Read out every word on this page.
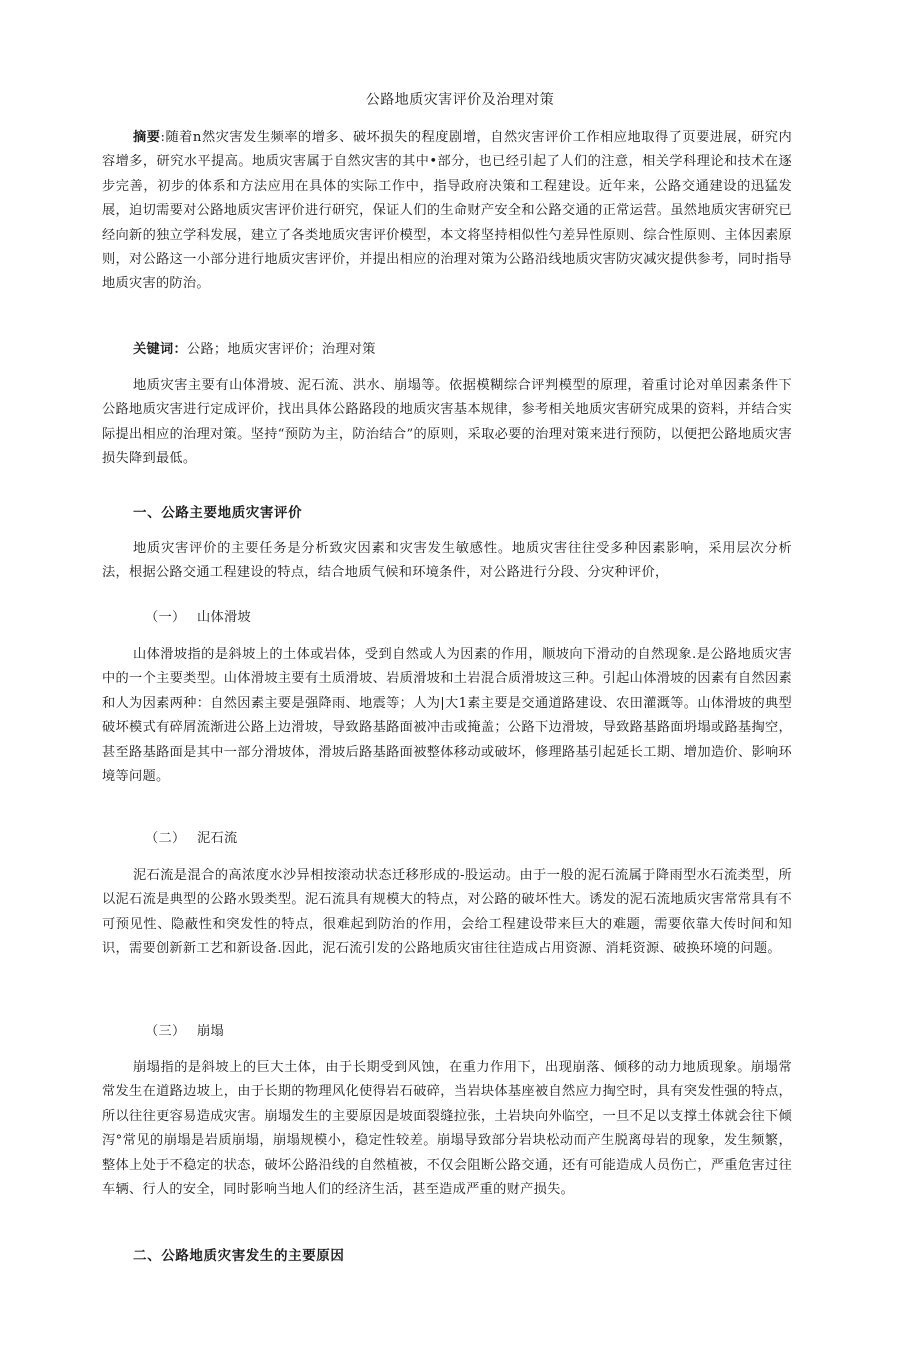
公路地质灾害评价及治理对策

摘要:随着n然灾害发生频率的增多、破坏损失的程度剧增，自然灾害评价工作相应地取得了页要进展，研究内容增多，研究水平提高。地质灾害属于自然灾害的其中•部分，也已经引起了人们的注意，相关学科理论和技术在逐步完善，初步的体系和方法应用在具体的实际工作中，指导政府决策和工程建设。近年来，公路交通建设的迅猛发展，迫切需要对公路地质灾害评价进行研究，保证人们的生命财产安全和公路交通的正常运营。虽然地质灾害研究已经向新的独立学科发展，建立了各类地质灾害评价模型，本文将坚持相似性勺差异性原则、综合性原则、主体因素原则，对公路这一小部分进行地质灾害评价，并提出相应的治理对策为公路沿线地质灾害防灾减灾提供参考，同时指导地质灾害的防治。

关键词：公路；地质灾害评价；治理对策

地质灾害主要有山体滑坡、泥石流、洪水、崩塌等。依据模糊综合评判模型的原理，着重讨论对单因素条件下公路地质灾害进行定成评价，找出具体公路路段的地质灾害基本规律，参考相关地质灾害研究成果的资料，并结合实际提出相应的治理对策。坚持“预防为主，防治结合”的原则，采取必要的治理对策来进行预防，以便把公路地质灾害损失降到最低。

一、公路主要地质灾害评价

地质灾害评价的主要任务是分析致灾因素和灾害发生敏感性。地质灾害往往受多种因素影响，采用层次分析法，根据公路交通工程建设的特点，结合地质气候和环境条件，对公路进行分段、分灾种评价，

（一） 山体滑坡

山体滑坡指的是斜坡上的土体或岩体，受到自然或人为因素的作用，顺坡向下滑动的自然现象.是公路地质灾害中的一个主要类型。山体滑坡主要有土质滑坡、岩质滑坡和土岩混合质滑坡这三种。引起山体滑坡的因素有自然因素和人为因素两种：自然因素主要是强降雨、地震等；人为|大1素主要是交通道路建设、农田灌溉等。山体滑坡的典型破坏模式有碎屑流渐进公路上边滑坡，导致路基路面被冲击或掩盖；公路下边滑坡，导致路基路面坍塌或路基掏空，甚至路基路面是其中一部分滑坡体，滑坡后路基路面被整体移动或破坏，修理路基引起延长工期、增加造价、影响环境等问题。

（二） 泥石流

泥石流是混合的高浓度水沙异相按滚动状态迁移形成的-股运动。由于一般的泥石流属于降雨型水石流类型，所以泥石流是典型的公路水毁类型。泥石流具有规模大的特点，对公路的破坏性大。诱发的泥石流地质灾害常常具有不可预见性、隐蔽性和突发性的特点，很难起到防治的作用，会给工程建设带来巨大的难题，需要依靠大传时间和知识，需要创新新工艺和新设备.因此，泥石流引发的公路地质灾宙往往造成占用资源、消耗资源、破换环境的问题。

（三） 崩塌

崩塌指的是斜坡上的巨大土体，由于长期受到风蚀，在重力作用下，出现崩落、倾移的动力地质现象。崩塌常常发生在道路边坡上，由于长期的物理风化使得岩石破碎，当岩块体基座被自然应力掏空时，具有突发性强的特点，所以往往更容易造成灾害。崩塌发生的主要原因是坡面裂缝拉张，土岩块向外临空，一旦不足以支撑土体就会往下倾泻°常见的崩塌是岩质崩塌，崩塌规模小，稳定性较差。崩塌导致部分岩块松动而产生脱离母岩的现象，发生频繁，整体上处于不稳定的状态，破坏公路沿线的自然植被，不仅会阻断公路交通，还有可能造成人员伤亡，严重危害过往车辆、行人的安全，同时影响当地人们的经济生活，甚至造成严重的财产损失。

二、公路地质灾害发生的主要原因
